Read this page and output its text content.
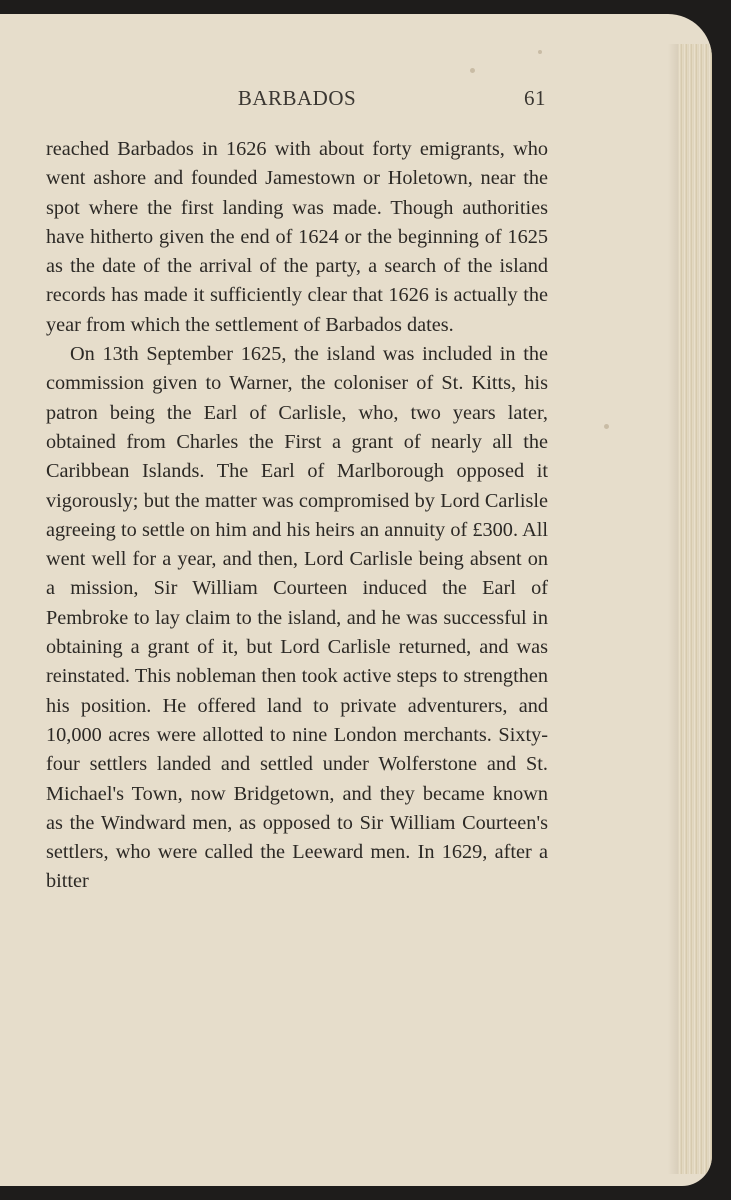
BARBADOS	61

reached Barbados in 1626 with about forty emigrants, who went ashore and founded Jamestown or Holetown, near the spot where the first landing was made. Though authorities have hitherto given the end of 1624 or the beginning of 1625 as the date of the arrival of the party, a search of the island records has made it sufficiently clear that 1626 is actually the year from which the settlement of Barbados dates.

On 13th September 1625, the island was included in the commission given to Warner, the coloniser of St. Kitts, his patron being the Earl of Carlisle, who, two years later, obtained from Charles the First a grant of nearly all the Caribbean Islands. The Earl of Marlborough opposed it vigorously; but the matter was compromised by Lord Carlisle agreeing to settle on him and his heirs an annuity of £300. All went well for a year, and then, Lord Carlisle being absent on a mission, Sir William Courteen induced the Earl of Pembroke to lay claim to the island, and he was successful in obtaining a grant of it, but Lord Carlisle returned, and was reinstated. This nobleman then took active steps to strengthen his position. He offered land to private adventurers, and 10,000 acres were allotted to nine London merchants. Sixty-four settlers landed and settled under Wolferstone and St. Michael's Town, now Bridgetown, and they became known as the Windward men, as opposed to Sir William Courteen's settlers, who were called the Leeward men. In 1629, after a bitter
